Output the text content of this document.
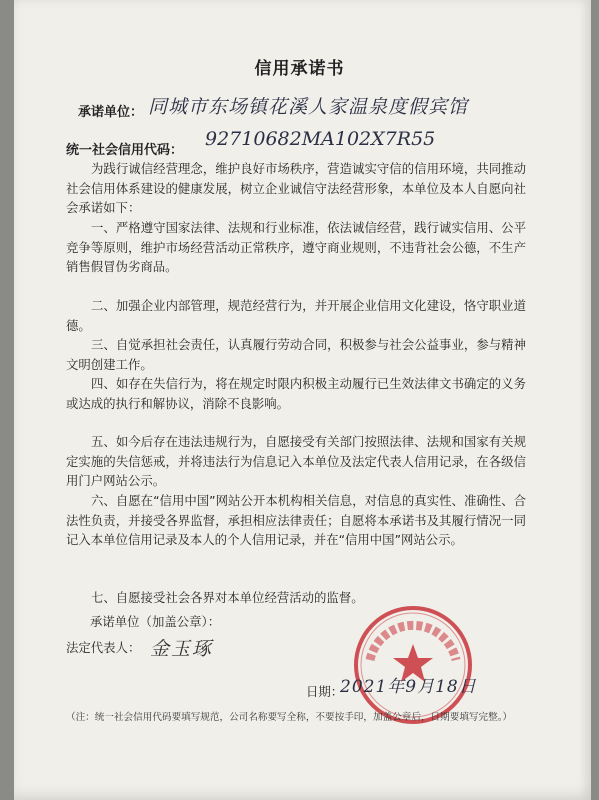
信用承诺书
承诺单位： 同城市东场镇花溪人家温泉度假宾馆
统一社会信用代码：
92710682MA102X7R55
为践行诚信经营理念，维护良好市场秩序，营造诚实守信的信用环境，共同推动社会信用体系建设的健康发展，树立企业诚信守法经营形象，本单位及本人自愿向社会承诺如下：
一、严格遵守国家法律、法规和行业标准，依法诚信经营，践行诚实信用、公平竞争等原则，维护市场经营活动正常秩序，遵守商业规则，不违背社会公德，不生产销售假冒伪劣商品。
二、加强企业内部管理，规范经营行为，并开展企业信用文化建设，恪守职业道德。
三、自觉承担社会责任，认真履行劳动合同，积极参与社会公益事业，参与精神文明创建工作。
四、如存在失信行为，将在规定时限内积极主动履行已生效法律文书确定的义务或达成的执行和解协议，消除不良影响。
五、如今后存在违法违规行为，自愿接受有关部门按照法律、法规和国家有关规定实施的失信惩戒，并将违法行为信息记入本单位及法定代表人信用记录，在各级信用门户网站公示。
六、自愿在“信用中国”网站公开本机构相关信息，对信息的真实性、准确性、合法性负责，并接受各界监督，承担相应法律责任；自愿将本承诺书及其履行情况一同记入本单位信用记录及本人的个人信用记录，并在“信用中国”网站公示。
七、自愿接受社会各界对本单位经营活动的监督。
承诺单位（加盖公章）：
法定代表人： 金玉琢
日期：
2021年9月18日
（注：统一社会信用代码要填写规范，公司名称要写全称，不要按手印，加盖公章后，日期要填写完整。）
